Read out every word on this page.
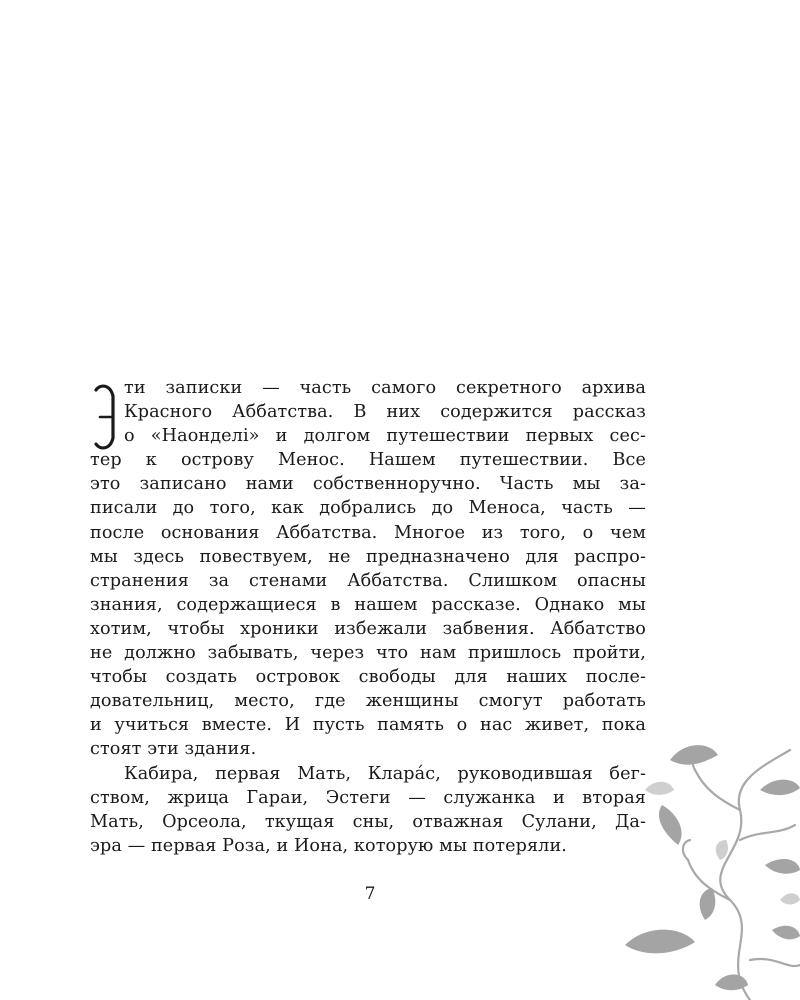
ти записки — часть самого секретного архива
Красного Аббатства. В них содержится рассказ
о «Наонделi» и долгом путешествии первых сес-
тер к острову Менос. Нашем путешествии. Все
это записано нами собственноручно. Часть мы за-
писали до того, как добрались до Меноса, часть —
после основания Аббатства. Многое из того, о чем
мы здесь повествуем, не предназначено для распро-
странения за стенами Аббатства. Слишком опасны
знания, содержащиеся в нашем рассказе. Однако мы
хотим, чтобы хроники избежали забвения. Аббатство
не должно забывать, через что нам пришлось пройти,
чтобы создать островок свободы для наших после-
довательниц, место, где женщины смогут работать
и учиться вместе. И пусть память о нас живет, пока
стоят эти здания.
Кабира, первая Мать, Клара́с, руководившая бег-
ством, жрица Гараи, Эстеги — служанка и вторая
Мать, Орсеола, ткущая сны, отважная Сулани, Да-
эра — первая Роза, и Иона, которую мы потеряли.
7
